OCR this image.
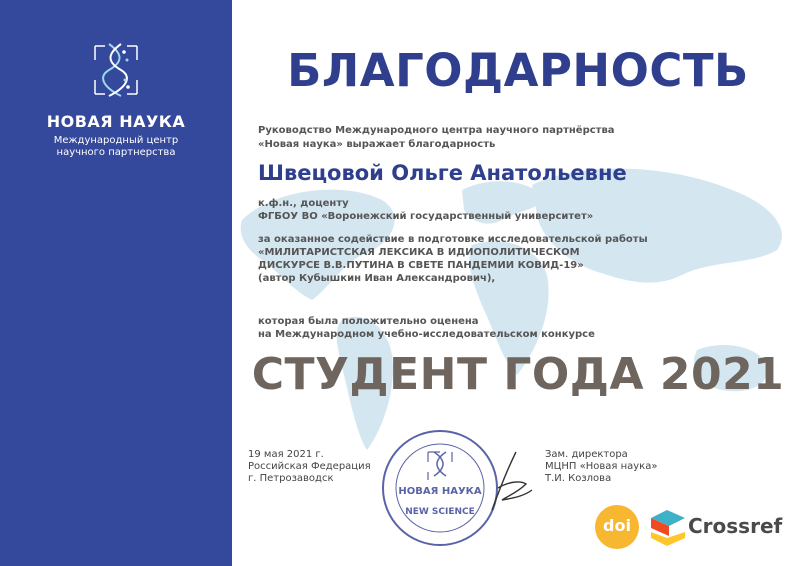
НОВАЯ НАУКА
Международный центр
научного партнерства
БЛАГОДАРНОСТЬ
Руководство Международного центра научного партнёрства
«Новая наука» выражает благодарность
Швецовой Ольге Анатольевне
к.ф.н., доценту
ФГБОУ ВО «Воронежский государственный университет»
за оказанное содействие в подготовке исследовательской работы
«МИЛИТАРИСТСКАЯ ЛЕКСИКА В ИДИОПОЛИТИЧЕСКОМ
ДИСКУРСЕ В.В.ПУТИНА В СВЕТЕ ПАНДЕМИИ КОВИД-19»
(автор Кубышкин Иван Александрович),
которая была положительно оценена
на Международном учебно-исследовательском конкурсе
СТУДЕНТ ГОДА 2021
19 мая 2021 г.
Российская Федерация
г. Петрозаводск
НОВАЯ НАУКА
NEW SCIENCE
Зам. директора
МЦНП «Новая наука»
Т.И. Козлова
doi	Crossref
